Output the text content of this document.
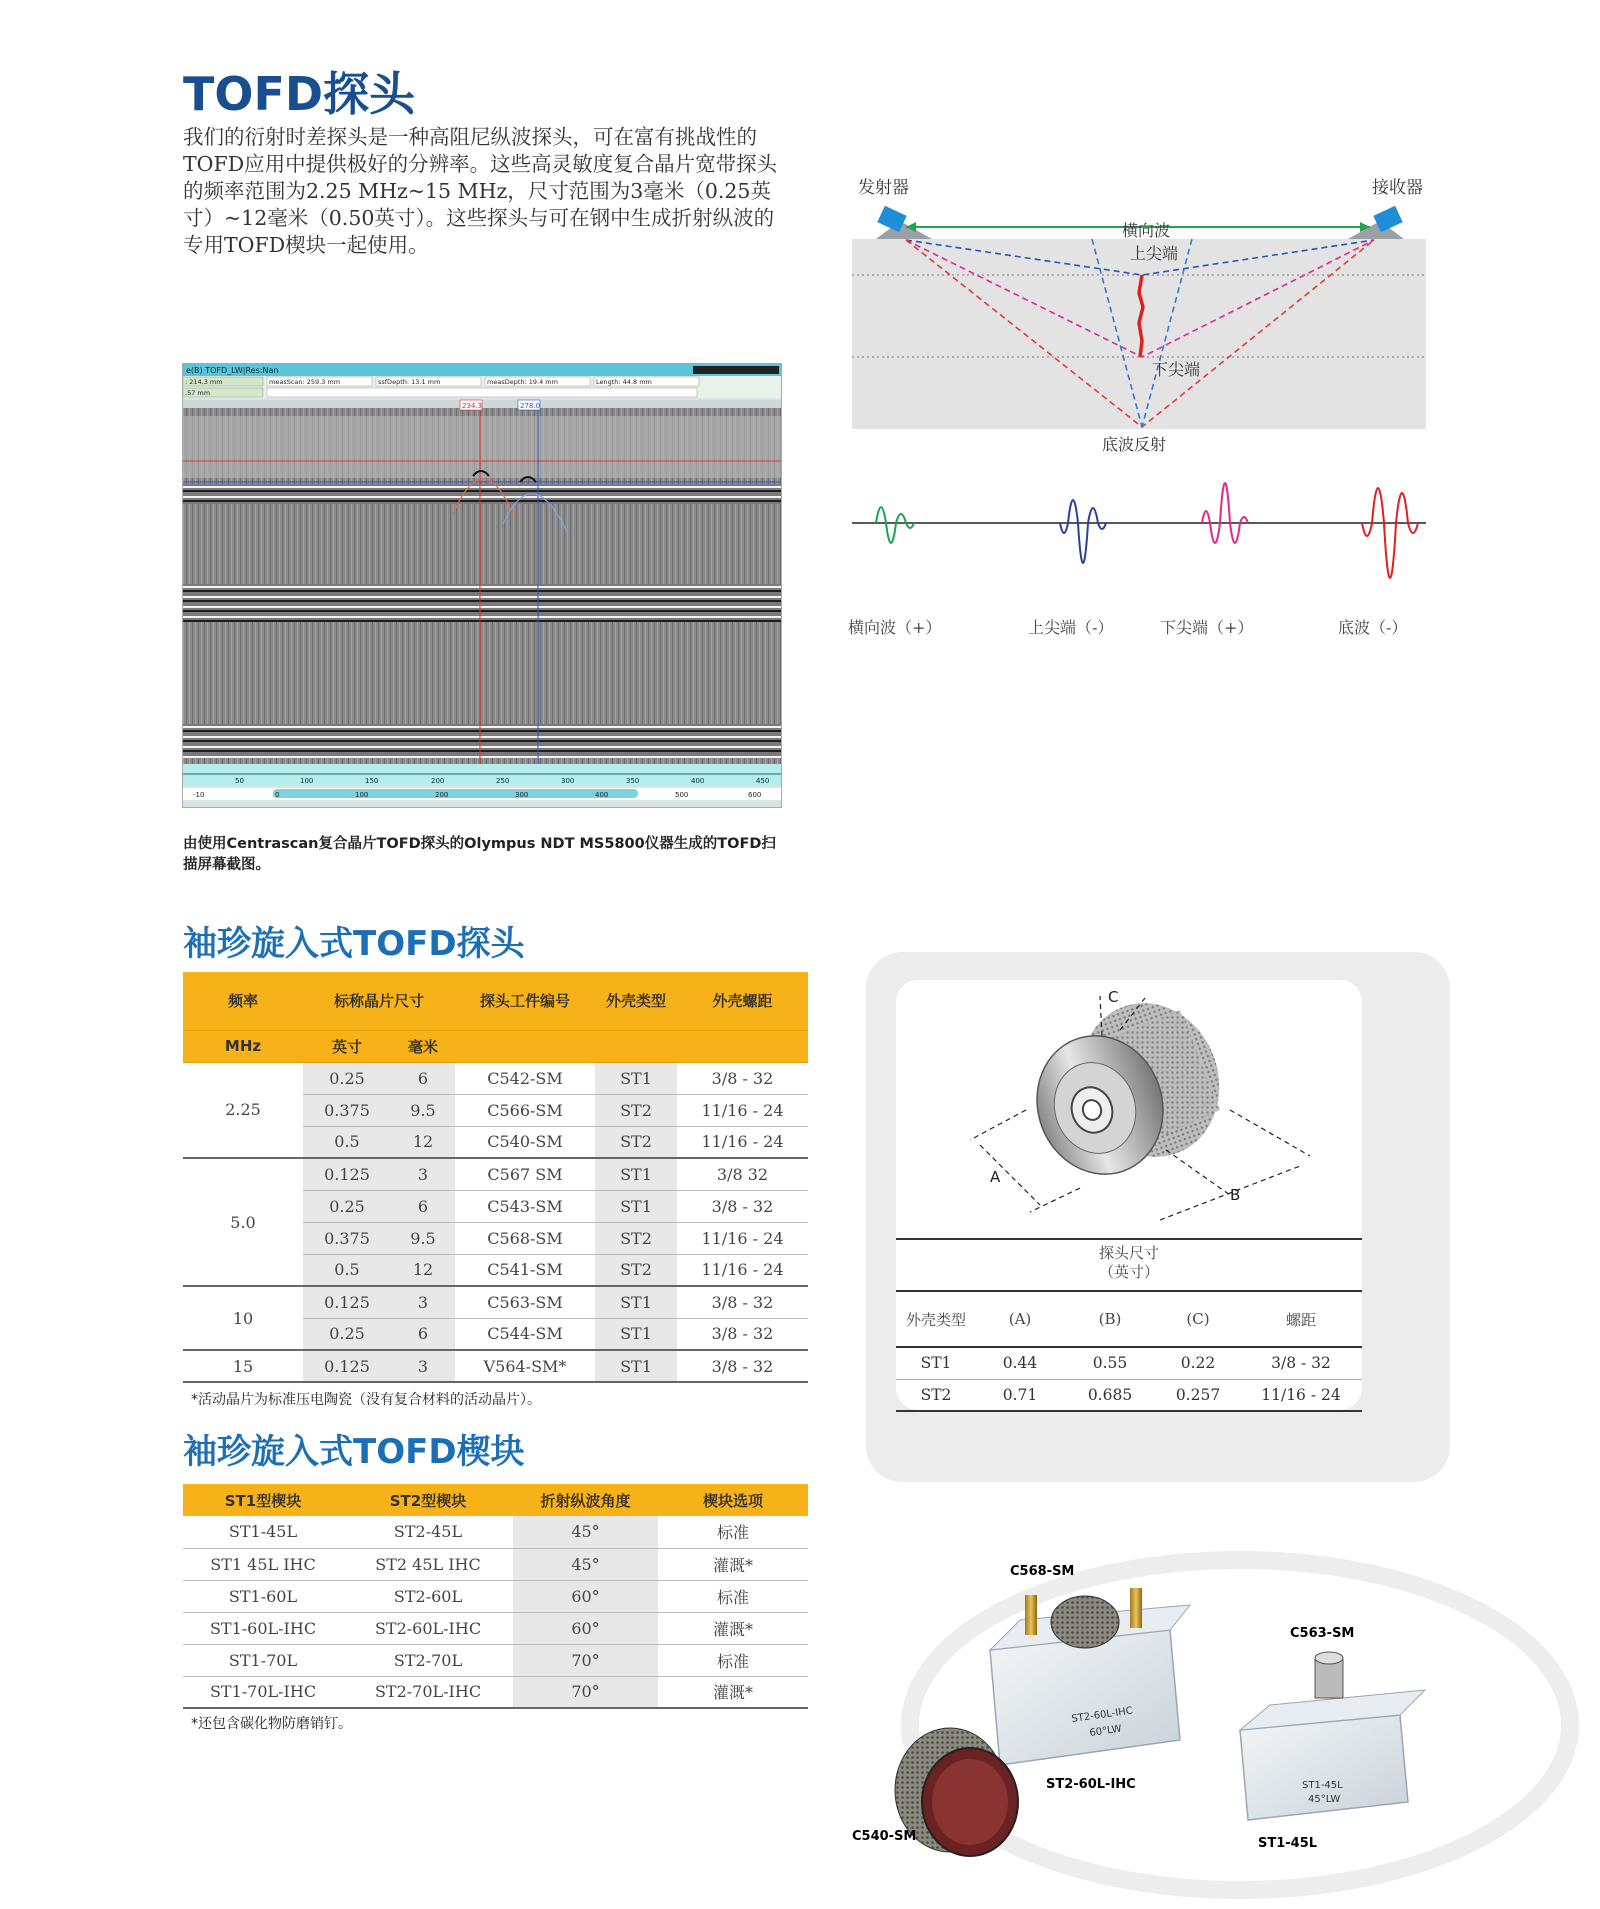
TOFD探头
我们的衍射时差探头是一种高阻尼纵波探头，可在富有挑战性的TOFD应用中提供极好的分辨率。这些高灵敏度复合晶片宽带探头的频率范围为2.25 MHz~15 MHz，尺寸范围为3毫米（0.25英寸）~12毫米（0.50英寸）。这些探头与可在钢中生成折射纵波的专用TOFD楔块一起使用。
e(B) TOFD_LW|Res:Nan
: 214.3 mm	measScan: 259.3 mm	ssfDepth: 13.1 mm	measDepth: 19.4 mm	Length: 44.8 mm
.57 mm
234.3	278.0
50	100	150	200	250	300	350	400	450
-10	0	100	200	300	400	500	600
由使用Centrascan复合晶片TOFD探头的Olympus NDT MS5800仪器生成的TOFD扫描屏幕截图。
发射器	接收器
横向波
上尖端
下尖端
底波反射
横向波（+）	上尖端（-）	下尖端（+）	底波（-）
袖珍旋入式TOFD探头
频率	标称晶片尺寸		探头工件编号	外壳类型	外壳螺距
MHz	英寸	毫米			
2.25	0.25	6	C542-SM	ST1	3/8 - 32
	0.375	9.5	C566-SM	ST2	11/16 - 24
	0.5	12	C540-SM	ST2	11/16 - 24
5.0	0.125	3	C567 SM	ST1	3/8 32
	0.25	6	C543-SM	ST1	3/8 - 32
	0.375	9.5	C568-SM	ST2	11/16 - 24
	0.5	12	C541-SM	ST2	11/16 - 24
10	0.125	3	C563-SM	ST1	3/8 - 32
	0.25	6	C544-SM	ST1	3/8 - 32
15	0.125	3	V564-SM*	ST1	3/8 - 32
*活动晶片为标准压电陶瓷（没有复合材料的活动晶片）。
袖珍旋入式TOFD楔块
ST1型楔块	ST2型楔块	折射纵波角度	楔块选项
ST1-45L	ST2-45L	45°	标准
ST1 45L IHC	ST2 45L IHC	45°	灌溉*
ST1-60L	ST2-60L	60°	标准
ST1-60L-IHC	ST2-60L-IHC	60°	灌溉*
ST1-70L	ST2-70L	70°	标准
ST1-70L-IHC	ST2-70L-IHC	70°	灌溉*
*还包含碳化物防磨销钉。
A
B
C
探头尺寸
（英寸）
外壳类型	(A)	(B)	(C)	螺距
ST1	0.44	0.55	0.22	3/8 - 32
ST2	0.71	0.685	0.257	11/16 - 24
ST2-60L-IHC
60°LW
ST1-45L
45°LW
C568-SM
C563-SM
ST2-60L-IHC
ST1-45L
C540-SM
